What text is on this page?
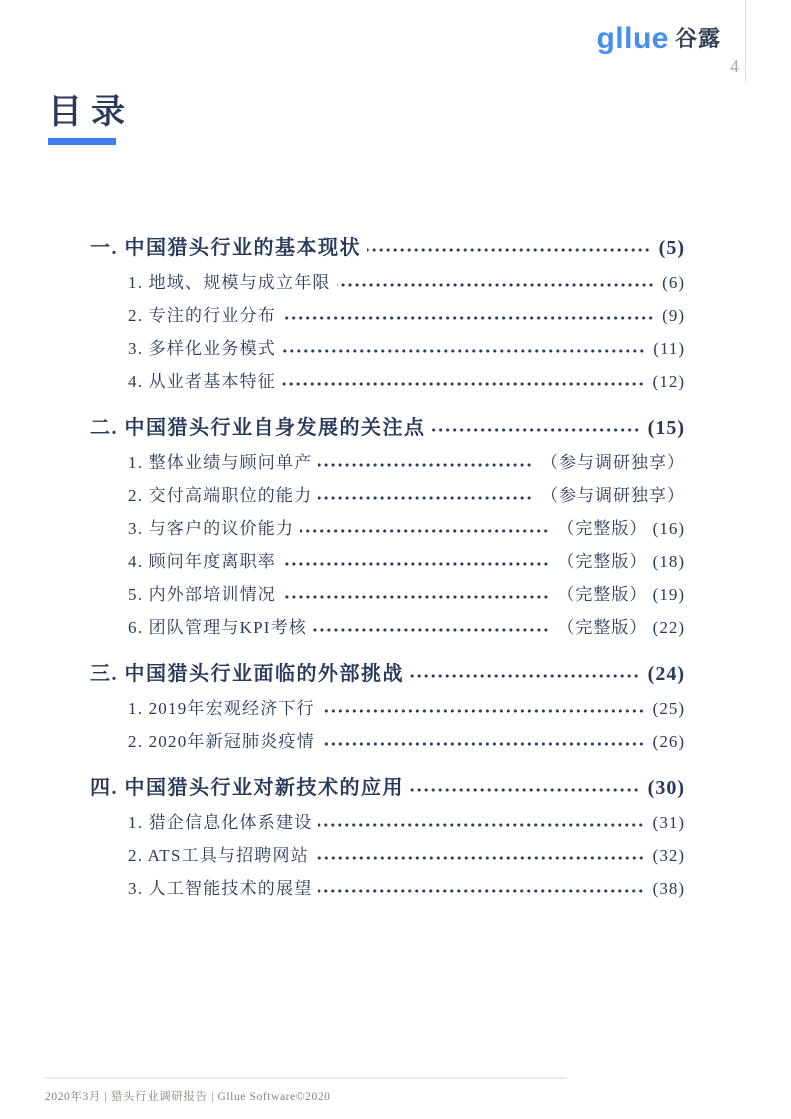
gllue 谷露
4
目录
一. 中国猎头行业的基本现状	(5)
1. 地域、规模与成立年限	(6)
2. 专注的行业分布	(9)
3. 多样化业务模式	(11)
4. 从业者基本特征	(12)
二. 中国猎头行业自身发展的关注点	(15)
1. 整体业绩与顾问单产	（参与调研独享）
2. 交付高端职位的能力	（参与调研独享）
3. 与客户的议价能力	（完整版） (16)
4. 顾问年度离职率	（完整版） (18)
5. 内外部培训情况	（完整版） (19)
6. 团队管理与KPI考核	（完整版） (22)
三. 中国猎头行业面临的外部挑战	(24)
1. 2019年宏观经济下行	(25)
2. 2020年新冠肺炎疫情	(26)
四. 中国猎头行业对新技术的应用	(30)
1. 猎企信息化体系建设	(31)
2. ATS工具与招聘网站	(32)
3. 人工智能技术的展望	(38)
2020年3月 | 猎头行业调研报告 | Gllue Software©2020
